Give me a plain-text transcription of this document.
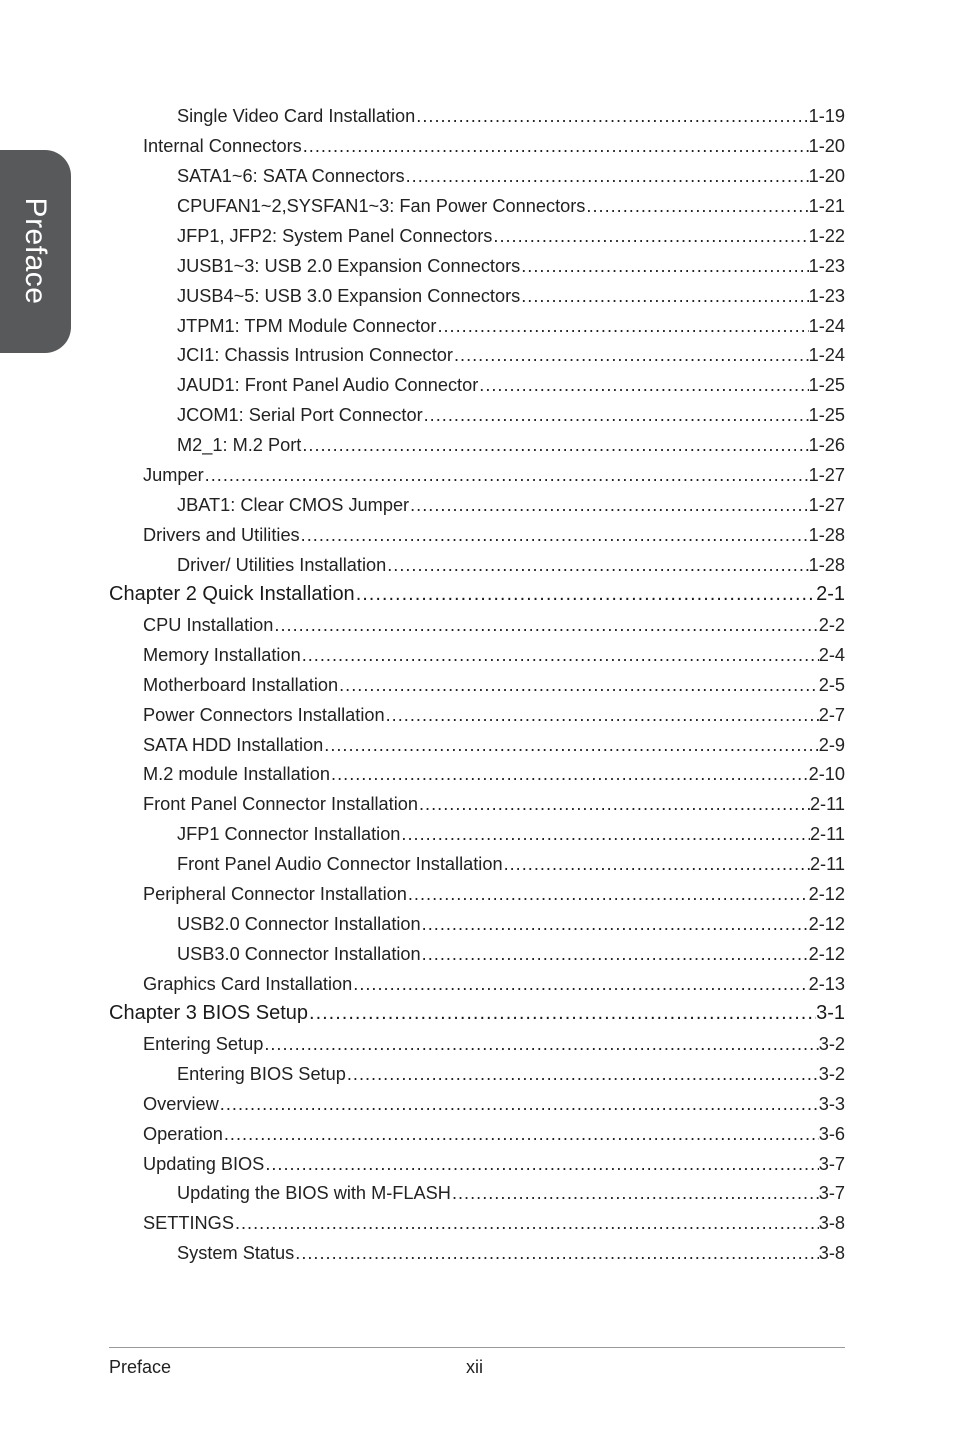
Preface
Single Video Card Installation .....	1-19
Internal Connectors .....	1-20
SATA1~6: SATA Connectors .....	1-20
CPUFAN1~2,SYSFAN1~3: Fan Power Connectors .....	1-21
JFP1, JFP2: System Panel Connectors .....	1-22
JUSB1~3: USB 2.0 Expansion Connectors .....	1-23
JUSB4~5: USB 3.0 Expansion Connectors .....	1-23
JTPM1: TPM Module Connector .....	1-24
JCI1: Chassis Intrusion Connector .....	1-24
JAUD1: Front Panel Audio Connector .....	1-25
JCOM1: Serial Port Connector .....	1-25
M2_1: M.2 Port .....	1-26
Jumper .....	1-27
JBAT1: Clear CMOS Jumper .....	1-27
Drivers and Utilities .....	1-28
Driver/ Utilities Installation .....	1-28
Chapter 2 Quick Installation .....	2-1
CPU Installation .....	2-2
Memory Installation .....	2-4
Motherboard Installation .....	2-5
Power Connectors Installation .....	2-7
SATA HDD Installation .....	2-9
M.2 module Installation .....	2-10
Front Panel Connector Installation .....	2-11
JFP1 Connector Installation .....	2-11
Front Panel Audio Connector Installation .....	2-11
Peripheral Connector Installation .....	2-12
USB2.0 Connector Installation .....	2-12
USB3.0 Connector Installation .....	2-12
Graphics Card Installation .....	2-13
Chapter 3 BIOS Setup .....	3-1
Entering Setup .....	3-2
Entering BIOS Setup .....	3-2
Overview .....	3-3
Operation .....	3-6
Updating BIOS .....	3-7
Updating the BIOS with M-FLASH .....	3-7
SETTINGS .....	3-8
System Status .....	3-8
Preface	xii
